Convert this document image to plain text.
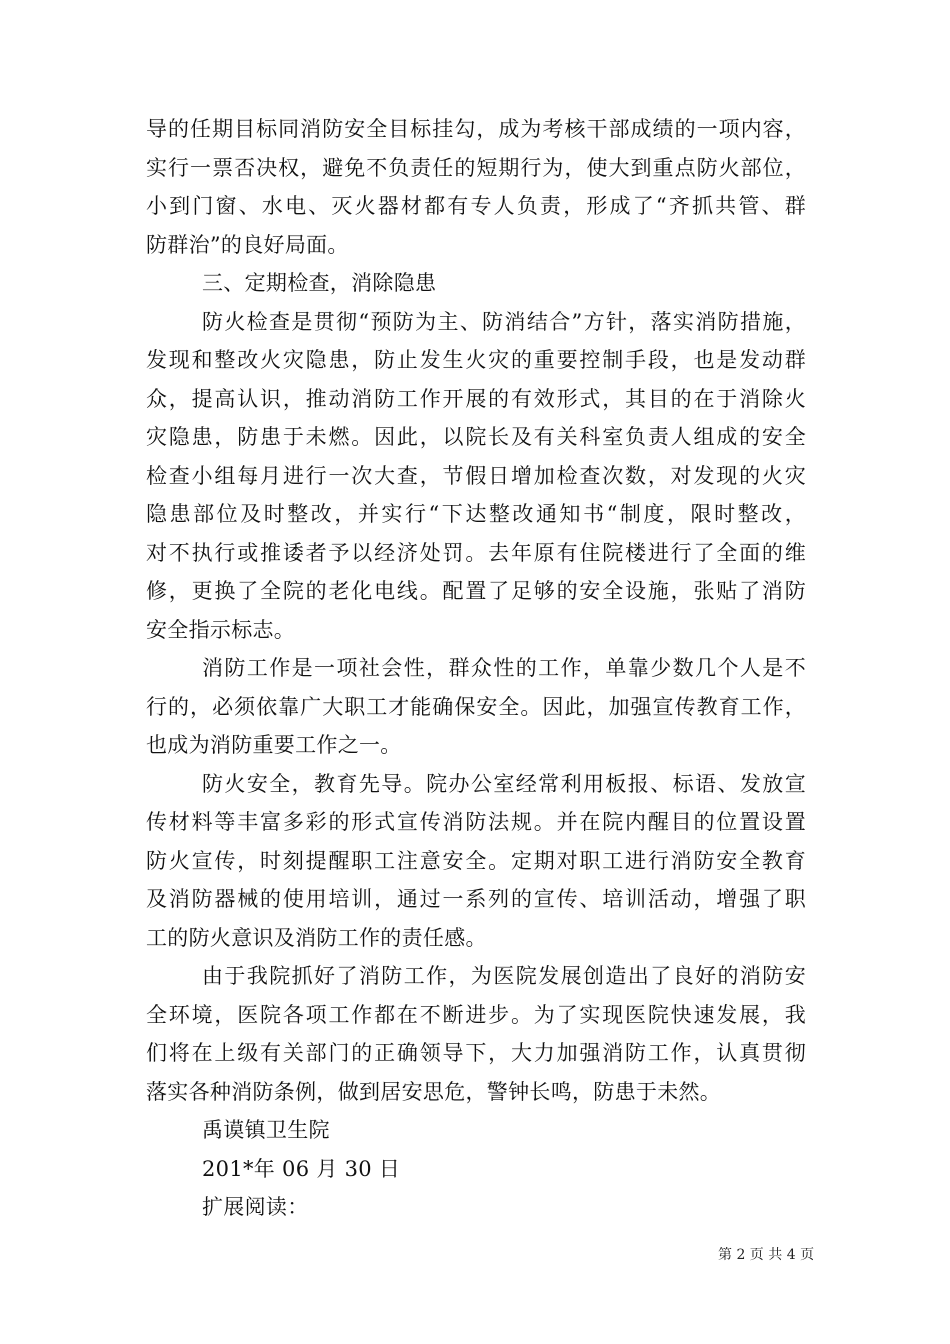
导的任期目标同消防安全目标挂勾，成为考核干部成绩的一项内容，
实行一票否决权，避免不负责任的短期行为，使大到重点防火部位，
小到门窗、水电、灭火器材都有专人负责，形成了“齐抓共管、群
防群治”的良好局面。
三、定期检查，消除隐患
防火检查是贯彻“预防为主、防消结合”方针，落实消防措施，
发现和整改火灾隐患，防止发生火灾的重要控制手段，也是发动群
众，提高认识，推动消防工作开展的有效形式，其目的在于消除火
灾隐患，防患于未燃。因此，以院长及有关科室负责人组成的安全
检查小组每月进行一次大查，节假日增加检查次数，对发现的火灾
隐患部位及时整改，并实行“下达整改通知书“制度，限时整改，
对不执行或推诿者予以经济处罚。去年原有住院楼进行了全面的维
修，更换了全院的老化电线。配置了足够的安全设施，张贴了消防
安全指示标志。
消防工作是一项社会性，群众性的工作，单靠少数几个人是不
行的，必须依靠广大职工才能确保安全。因此，加强宣传教育工作，
也成为消防重要工作之一。
防火安全，教育先导。院办公室经常利用板报、标语、发放宣
传材料等丰富多彩的形式宣传消防法规。并在院内醒目的位置设置
防火宣传，时刻提醒职工注意安全。定期对职工进行消防安全教育
及消防器械的使用培训，通过一系列的宣传、培训活动，增强了职
工的防火意识及消防工作的责任感。
由于我院抓好了消防工作，为医院发展创造出了良好的消防安
全环境，医院各项工作都在不断进步。为了实现医院快速发展，我
们将在上级有关部门的正确领导下，大力加强消防工作，认真贯彻
落实各种消防条例，做到居安思危，警钟长鸣，防患于未然。
禹谟镇卫生院
201*年 06 月 30 日
扩展阅读：
第 2 页 共 4 页
